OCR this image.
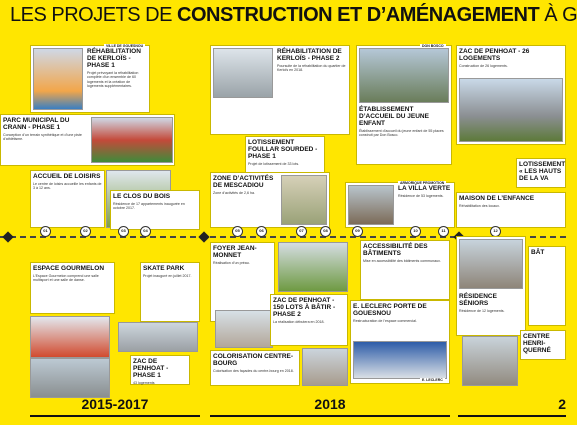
LES PROJETS DE CONSTRUCTION ET D’AMÉNAGEMENT À G
RÉHABILITATION DE KERLOÏS - PHASE 1
Projet prévoyant la réhabilitation complète d’un ensemble de 60 logements et la création de logements supplémentaires.
VILLE DE GOUESNOU
RÉHABILITATION DE KERLOÏS - PHASE 2
Poursuite de la réhabilitation du quartier de Kerloïs en 2018.
ÉTABLISSEMENT D’ACCUEIL DU JEUNE ENFANT
Établissement d’accueil du jeune enfant de 55 places construit par Don Bosco.
DON BOSCO
ZAC DE PENHOAT - 26 LOGEMENTS
Construction de 26 logements.
PARC MUNICIPAL DU CRANN - PHASE 1
Conception d’un terrain synthétique et d’une piste d’athlétisme.	LOTISSEMENT FOULLAR SOURDED - PHASE 1
Projet de lotissement de 33 lots.	LOTISSEMENT « LES HAUTS DE LA VA
ACCUEIL DE LOISIRS
Le centre de loisirs accueille les enfants de 3 à 12 ans.
LE CLOS DU BOIS
Résidence de 17 appartements inaugurée en octobre 2017.
ZONE D’ACTIVITÉS DE MESCADIOU
Zone d’activités de 2,6 ha.
LA VILLA VERTE
Résidence de 53 logements.
ARMORIQUE PROMOTION
MAISON DE L’ENFANCE
Réhabilitation des locaux.
01	02	03	04	05	06	07	08	09	10	11	12
ESPACE GOURMELON
L’Espace Gourmelon comprend une salle multisport et une salle de danse.
SKATE PARK
Projet inauguré en juillet 2017.
ZAC DE PENHOAT - PHASE 1
43 logements
FOYER JEAN-MONNET
Réalisation d’un préau.
ZAC DE PENHOAT - 150 LOTS À BÂTIR - PHASE 2
La réalisation débutera en 2018.
COLORISATION CENTRE-BOURG
Colorisation des façades du centre-bourg en 2018.
ACCESSIBILITÉ DES BÂTIMENTS
Mise en accessibilité des bâtiments communaux.
E. LECLERC PORTE DE GOUESNOU
Restructuration de l’espace commercial.
E. LECLERC
RÉSIDENCE SÉNIORS
Résidence de 12 logements.
BÂT
CENTRE HENRI-QUERNÉ
2015-2017	2018	2
